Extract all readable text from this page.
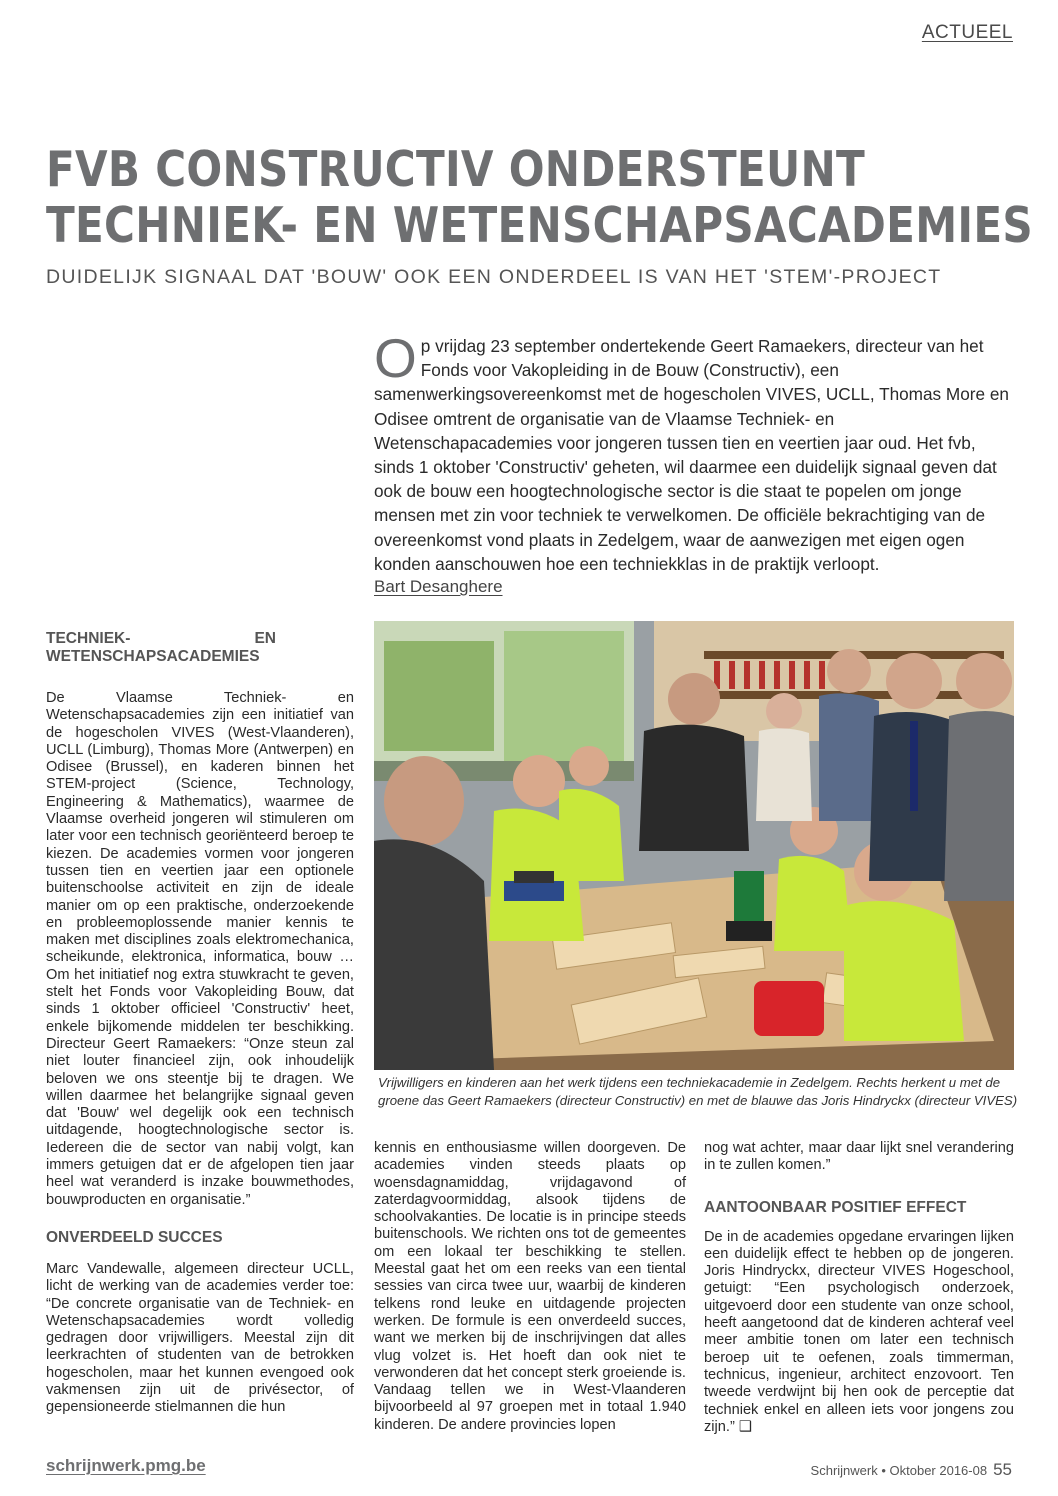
ACTUEEL
FVB CONSTRUCTIV ONDERSTEUNT
TECHNIEK- EN WETENSCHAPSACADEMIES
DUIDELIJK SIGNAAL DAT 'BOUW' OOK EEN ONDERDEEL IS VAN HET 'STEM'-PROJECT
Op vrijdag 23 september ondertekende Geert Ramaekers, directeur van het Fonds voor Vakopleiding in de Bouw (Constructiv), een samenwerkingsovereenkomst met de hogescholen VIVES, UCLL, Thomas More en Odisee omtrent de organisatie van de Vlaamse Techniek- en Wetenschapacademies voor jongeren tussen tien en veertien jaar oud. Het fvb, sinds 1 oktober 'Constructiv' geheten, wil daarmee een duidelijk signaal geven dat ook de bouw een hoogtechnologische sector is die staat te popelen om jonge mensen met zin voor techniek te verwelkomen. De officiële bekrachtiging van de overeenkomst vond plaats in Zedelgem, waar de aanwezigen met eigen ogen konden aanschouwen hoe een techniekklas in de praktijk verloopt.
Bart Desanghere
TECHNIEK- EN WETENSCHAPSACADEMIES

De Vlaamse Techniek- en Wetenschapsacademies zijn een initiatief van de hogescholen VIVES (West-Vlaanderen), UCLL (Limburg), Thomas More (Antwerpen) en Odisee (Brussel), en kaderen binnen het STEM-project (Science, Technology, Engineering & Mathematics), waarmee de Vlaamse overheid jongeren wil stimuleren om later voor een technisch georiënteerd beroep te kiezen. De academies vormen voor jongeren tussen tien en veertien jaar een optionele buitenschoolse activiteit en zijn de ideale manier om op een praktische, onderzoekende en probleemoplossende manier kennis te maken met disciplines zoals elektromechanica, scheikunde, elektronica, informatica, bouw … Om het initiatief nog extra stuwkracht te geven, stelt het Fonds voor Vakopleiding Bouw, dat sinds 1 oktober officieel 'Constructiv' heet, enkele bijkomende middelen ter beschikking. Directeur Geert Ramaekers: “Onze steun zal niet louter financieel zijn, ook inhoudelijk beloven we ons steentje bij te dragen. We willen daarmee het belangrijke signaal geven dat 'Bouw' wel degelijk ook een technisch uitdagende, hoogtechnologische sector is. Iedereen die de sector van nabij volgt, kan immers getuigen dat er de afgelopen tien jaar heel wat veranderd is inzake bouwmethodes, bouwproducten en organisatie.”

ONVERDEELD SUCCES

Marc Vandewalle, algemeen directeur UCLL, licht de werking van de academies verder toe: “De concrete organisatie van de Techniek- en Wetenschapsacademies wordt volledig gedragen door vrijwilligers. Meestal zijn dit leerkrachten of studenten van de betrokken hogescholen, maar het kunnen evengoed ook vakmensen zijn uit de privésector, of gepensioneerde stielmannen die hun

Vrijwilligers en kinderen aan het werk tijdens een techniekacademie in Zedelgem. Rechts herkent u met de groene das Geert Ramaekers (directeur Constructiv) en met de blauwe das Joris Hindryckx (directeur VIVES)

kennis en enthousiasme willen doorgeven. De academies vinden steeds plaats op woensdagnamiddag, vrijdagavond of zaterdagvoormiddag, alsook tijdens de schoolvakanties. De locatie is in principe steeds buitenschools. We richten ons tot de gemeentes om een lokaal ter beschikking te stellen. Meestal gaat het om een reeks van een tiental sessies van circa twee uur, waarbij de kinderen telkens rond leuke en uitdagende projecten werken. De formule is een onverdeeld succes, want we merken bij de inschrijvingen dat alles vlug volzet is. Het hoeft dan ook niet te verwonderen dat het concept sterk groeiende is. Vandaag tellen we in West-Vlaanderen bijvoorbeeld al 97 groepen met in totaal 1.940 kinderen. De andere provincies lopen

nog wat achter, maar daar lijkt snel verandering in te zullen komen.”

AANTOONBAAR POSITIEF EFFECT

De in de academies opgedane ervaringen lijken een duidelijk effect te hebben op de jongeren. Joris Hindryckx, directeur VIVES Hogeschool, getuigt: “Een psychologisch onderzoek, uitgevoerd door een studente van onze school, heeft aangetoond dat de kinderen achteraf veel meer ambitie tonen om later een technisch beroep uit te oefenen, zoals timmerman, technicus, ingenieur, architect enzovoort. Ten tweede verdwijnt bij hen ook de perceptie dat techniek enkel en alleen iets voor jongens zou zijn.” ❑

schrijnwerk.pmg.be	Schrijnwerk • Oktober 2016-08 55
